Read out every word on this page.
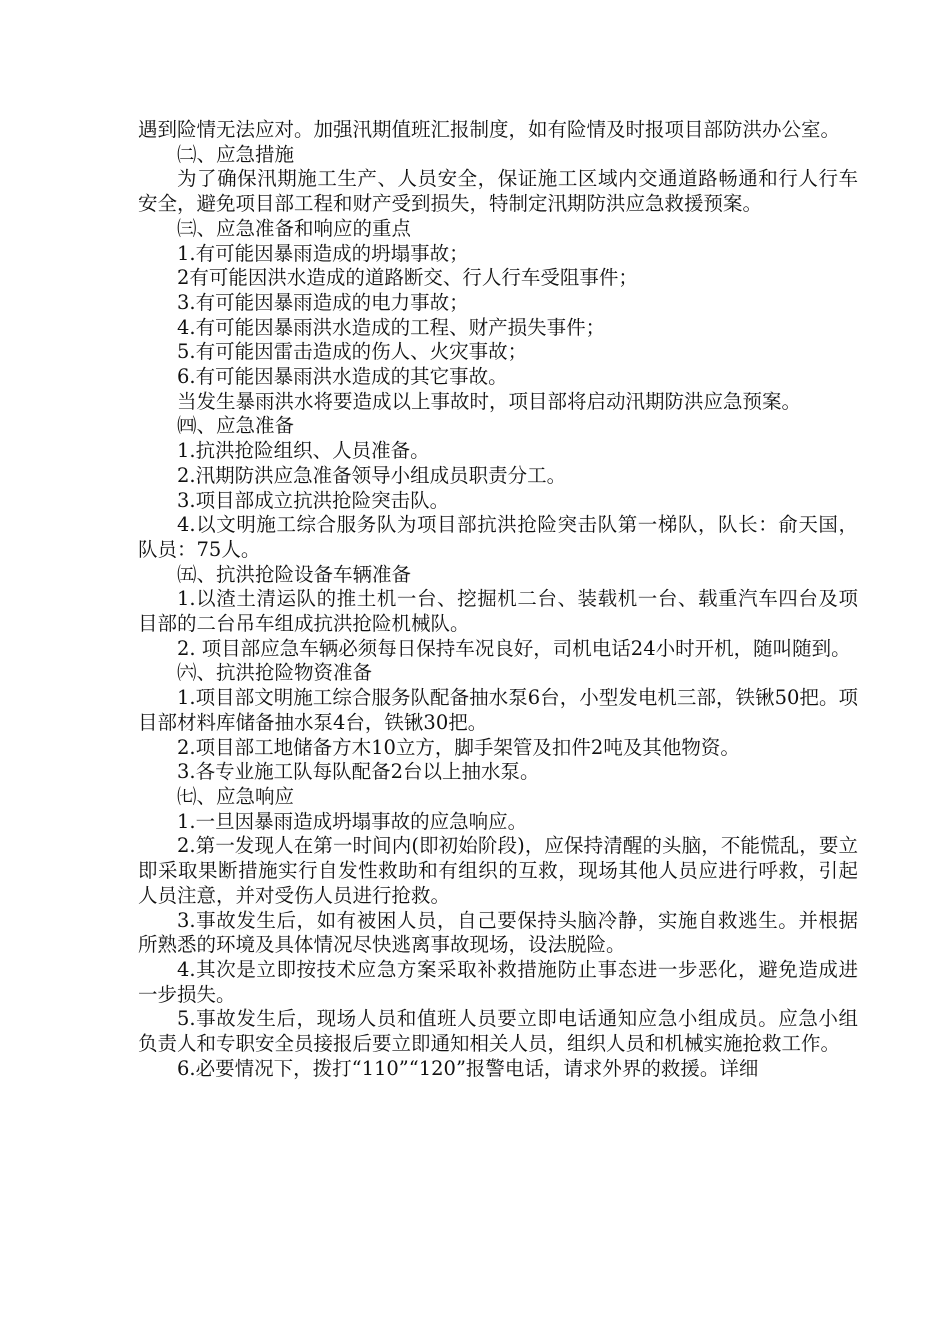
遇到险情无法应对。加强汛期值班汇报制度，如有险情及时报项目部防洪办公室。

㈡、应急措施

为了确保汛期施工生产、人员安全，保证施工区域内交通道路畅通和行人行车安全，避免项目部工程和财产受到损失，特制定汛期防洪应急救援预案。

㈢、应急准备和响应的重点

1.有可能因暴雨造成的坍塌事故；

2有可能因洪水造成的道路断交、行人行车受阻事件；

3.有可能因暴雨造成的电力事故；

4.有可能因暴雨洪水造成的工程、财产损失事件；

5.有可能因雷击造成的伤人、火灾事故；

6.有可能因暴雨洪水造成的其它事故。

当发生暴雨洪水将要造成以上事故时，项目部将启动汛期防洪应急预案。

㈣、应急准备

1.抗洪抢险组织、人员准备。

2.汛期防洪应急准备领导小组成员职责分工。

3.项目部成立抗洪抢险突击队。

4.以文明施工综合服务队为项目部抗洪抢险突击队第一梯队，队长：俞天国，队员：75人。

㈤、抗洪抢险设备车辆准备

1.以渣土清运队的推土机一台、挖掘机二台、装载机一台、载重汽车四台及项目部的二台吊车组成抗洪抢险机械队。

2. 项目部应急车辆必须每日保持车况良好，司机电话24小时开机，随叫随到。

㈥、抗洪抢险物资准备

1.项目部文明施工综合服务队配备抽水泵6台，小型发电机三部，铁锹50把。项目部材料库储备抽水泵4台，铁锹30把。

2.项目部工地储备方木10立方，脚手架管及扣件2吨及其他物资。

3.各专业施工队每队配备2台以上抽水泵。

㈦、应急响应

1.一旦因暴雨造成坍塌事故的应急响应。

2.第一发现人在第一时间内(即初始阶段)，应保持清醒的头脑，不能慌乱，要立即采取果断措施实行自发性救助和有组织的互救，现场其他人员应进行呼救，引起人员注意，并对受伤人员进行抢救。

3.事故发生后，如有被困人员，自己要保持头脑冷静，实施自救逃生。并根据所熟悉的环境及具体情况尽快逃离事故现场，设法脱险。

4.其次是立即按技术应急方案采取补救措施防止事态进一步恶化，避免造成进一步损失。

5.事故发生后，现场人员和值班人员要立即电话通知应急小组成员。应急小组负责人和专职安全员接报后要立即通知相关人员，组织人员和机械实施抢救工作。

6.必要情况下，拨打“110”“120”报警电话，请求外界的救援。详细
